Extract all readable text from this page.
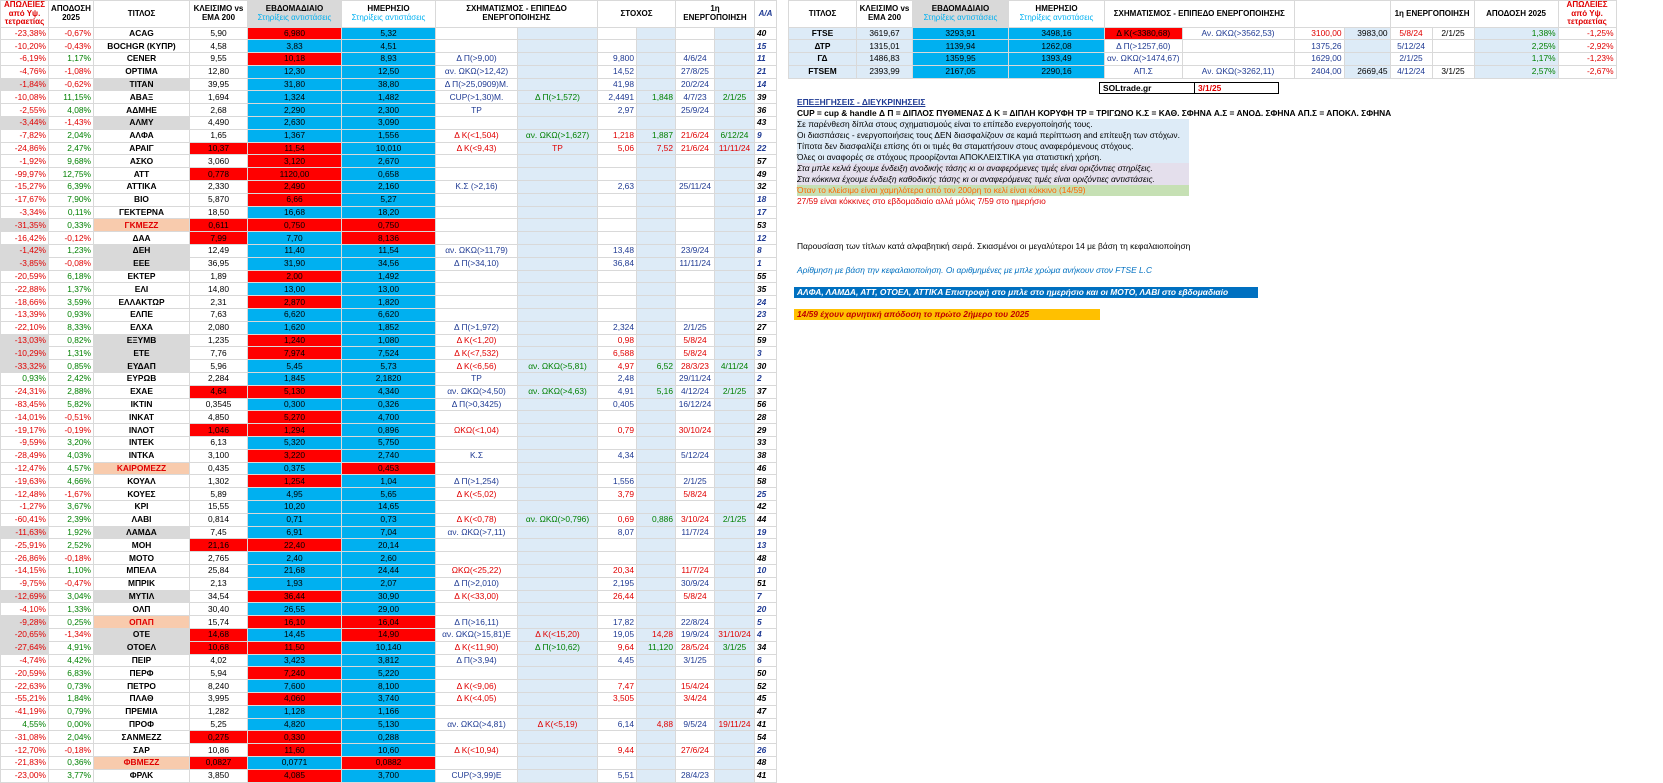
ΑΠΩΛΕΙΕΣ από Υψ. τετραετίας	ΑΠΟΔΟΣΗ 2025	ΤΙΤΛΟΣ	ΚΛΕΙΣΙΜΟ vs EMA 200	ΕΒΔΟΜΑΔΙΑΙΟ
Στηρίξεις αντιστάσεις	ΗΜΕΡΗΣΙΟ
Στηρίξεις αντιστάσεις	ΣΧΗΜΑΤΙΣΜΟΣ - ΕΠΙΠΕΔΟ ΕΝΕΡΓΟΠΟΙΗΣΗΣ		ΣΤΟΧΟΣ		1η ΕΝΕΡΓΟΠΟΙΗΣΗ		Α/Α
-23,38%	-0,67%	ACAG	5,90	6,980	5,32							40
-10,20%	-0,43%	BOCHGR (ΚΥΠΡ)	4,58	3,83	4,51							15
-6,19%	1,17%	CENER	9,55	10,18	8,93	Δ Π(>9,00)		9,800		4/6/24		11
-4,76%	-1,08%	OPTIMA	12,80	12,30	12,50	αν. ΩΚΩ(>12,42)		14,52		27/8/25		21
-1,84%	-0,62%	TITAN	39,95	31,80	38,80	Δ Π(>25,0909)Μ.		41,98		20/2/24		14
-10,08%	11,15%	ΑΒΑΞ	1,694	1,324	1,482	CUP(>1,30)Μ.	Δ Π(>1,572)	2,4491	1,848	4/7/23	2/1/25	39
-2,55%	4,08%	ΑΔΜΗΕ	2,68	2,290	2,300	TP		2,97		25/9/24		36
-3,44%	-1,43%	ΑΛΜΥ	4,490	2,630	3,090							43
-7,82%	2,04%	ΑΛΦΑ	1,65	1,367	1,556	Δ Κ(<1,504)	αν. ΩΚΩ(>1,627)	1,218	1,887	21/6/24	6/12/24	9
-24,86%	2,47%	ΑΡΑΙΓ	10,37	11,54	10,010	Δ Κ(<9,43)	TP	5,06	7,52	21/6/24	11/11/24	22
-1,92%	9,68%	ΑΣΚΟ	3,060	3,120	2,670							57
-99,97%	12,75%	ΑΤΤ	0,778	1120,00	0,658							49
-15,27%	6,39%	ΑΤΤΙΚΑ	2,330	2,490	2,160	Κ.Σ (>2,16)		2,63		25/11/24		32
-17,67%	7,90%	ΒΙΟ	5,870	6,66	5,27							18
-3,34%	0,11%	ΓΕΚΤΕΡΝΑ	18,50	16,68	18,20							17
-31,35%	0,33%	ΓΚΜΕΖΖ	0,611	0,750	0,750							53
-16,42%	-0,12%	ΔΑΑ	7,99	7,70	8,136							12
-1,42%	1,23%	ΔΕΗ	12,49	11,40	11,54	αν. ΩΚΩ(>11,79)		13,48		23/9/24		8
-3,85%	-0,08%	ΕΕΕ	36,95	31,90	34,56	Δ Π(>34,10)		36,84		11/11/24		1
-20,59%	6,18%	ΕΚΤΕΡ	1,89	2,00	1,492							55
-22,88%	1,37%	ΕΛΙ	14,80	13,00	13,00							35
-18,66%	3,59%	ΕΛΛΑΚΤΩΡ	2,31	2,870	1,820							24
-13,39%	0,93%	ΕΛΠΕ	7,63	6,620	6,620							23
-22,10%	8,33%	ΕΛΧΑ	2,080	1,620	1,852	Δ Π(>1,972)		2,324		2/1/25		27
-13,03%	0,82%	ΕΞΥΜΒ	1,235	1,240	1,080	Δ Κ(<1,20)		0,98		5/8/24		59
-10,29%	1,31%	ΕΤΕ	7,76	7,974	7,524	Δ Κ(<7,532)		6,588		5/8/24		3
-33,32%	0,85%	ΕΥΔΑΠ	5,96	5,45	5,73	Δ Κ(<6,56)	αν. ΩΚΩ(>5,81)	4,97	6,52	28/3/23	4/11/24	30
0,93%	2,42%	ΕΥΡΩΒ	2,284	1,845	2,1820	TP		2,48		29/11/24		2
-24,31%	2,88%	ΕΧΑΕ	4,64	5,130	4,340	αν. ΩΚΩ(>4,50)	αν. ΩΚΩ(>4,63)	4,91	5,16	4/12/24	2/1/25	37
-83,45%	5,82%	ΙΚΤΙΝ	0,3545	0,300	0,326	Δ Π(>0,3425)		0,405		16/12/24		56
-14,01%	-0,51%	ΙΝΚΑΤ	4,850	5,270	4,700							28
-19,17%	-0,19%	ΙΝΛΟΤ	1,046	1,294	0,896	ΩΚΩ(<1,04)		0,79		30/10/24		29
-9,59%	3,20%	ΙΝΤΕΚ	6,13	5,320	5,750							33
-28,49%	4,03%	ΙΝΤΚΑ	3,100	3,220	2,740	Κ.Σ		4,34		5/12/24		38
-12,47%	4,57%	ΚΑΙΡΟΜΕΖΖ	0,435	0,375	0,453							46
-19,63%	4,66%	ΚΟΥΑΛ	1,302	1,254	1,04	Δ Π(>1,254)		1,556		2/1/25		58
-12,48%	-1,67%	ΚΟΥΕΣ	5,89	4,95	5,65	Δ Κ(<5,02)		3,79		5/8/24		25
-1,27%	3,67%	ΚΡΙ	15,55	10,20	14,65							42
-60,41%	2,39%	ΛΑΒΙ	0,814	0,71	0,73	Δ Κ(<0,78)	αν. ΩΚΩ(>0,796)	0,69	0,886	3/10/24	2/1/25	44
-11,63%	1,92%	ΛΑΜΔΑ	7,45	6,91	7,04	αν. ΩΚΩ(>7,11)		8,07		11/7/24		19
-25,91%	2,52%	ΜΟΗ	21,16	22,40	20,14							13
-26,86%	-0,18%	ΜΟΤΟ	2,765	2,40	2,60							48
-14,15%	1,10%	ΜΠΕΛΑ	25,84	21,68	24,44	ΩΚΩ(<25,22)		20,34		11/7/24		10
-9,75%	-0,47%	ΜΠΡΙΚ	2,13	1,93	2,07	Δ Π(>2,010)		2,195		30/9/24		51
-12,69%	3,04%	ΜΥΤΙΛ	34,54	36,44	30,90	Δ Κ(<33,00)		26,44		5/8/24		7
-4,10%	1,33%	ΟΛΠ	30,40	26,55	29,00							20
-9,28%	0,25%	ΟΠΑΠ	15,74	16,10	16,04	Δ Π(>16,11)		17,82		22/8/24		5
-20,65%	-1,34%	ΟΤΕ	14,68	14,45	14,90	αν. ΩΚΩ(>15,81)Ε	Δ Κ(<15,20)	19,05	14,28	19/9/24	31/10/24	4
-27,64%	4,91%	ΟΤΟΕΛ	10,68	11,50	10,140	Δ Κ(<11,90)	Δ Π(>10,62)	9,64	11,120	28/5/24	3/1/25	34
-4,74%	4,42%	ΠΕΙΡ	4,02	3,423	3,812	Δ Π(>3,94)		4,45		3/1/25		6
-20,59%	6,83%	ΠΕΡΦ	5,94	7,240	5,220							50
-22,63%	0,73%	ΠΕΤΡΟ	8,240	7,600	8,100	Δ Κ(<9,06)		7,47		15/4/24		52
-55,21%	1,84%	ΠΛΑΘ	3,995	4,060	3,740	Δ Κ(<4,05)		3,505		3/4/24		45
-41,19%	0,79%	ΠΡΕΜΙΑ	1,282	1,128	1,166							47
4,55%	0,00%	ΠΡΟΦ	5,25	4,820	5,130	αν. ΩΚΩ(>4,81)	Δ Κ(<5,19)	6,14	4,88	9/5/24	19/11/24	41
-31,08%	2,04%	ΣΑΝΜΕΖΖ	0,275	0,330	0,288							54
-12,70%	-0,18%	ΣΑΡ	10,86	11,60	10,60	Δ Κ(<10,94)		9,44		27/6/24		26
-21,83%	0,36%	ΦΒΜΕΖΖ	0,0827	0,0771	0,0882							48
-23,00%	3,77%	ΦΡΛΚ	3,850	4,085	3,700	CUP(>3,99)Ε		5,51		28/4/23		41
ΤΙΤΛΟΣ	ΚΛΕΙΣΙΜΟ vs EMA 200	ΕΒΔΟΜΑΔΙΑΙΟ
Στηρίξεις αντιστάσεις	ΗΜΕΡΗΣΙΟ
Στηρίξεις αντιστάσεις	ΣΧΗΜΑΤΙΣΜΟΣ - ΕΠΙΠΕΔΟ ΕΝΕΡΓΟΠΟΙΗΣΗΣ				1η ΕΝΕΡΓΟΠΟΙΗΣΗ		ΑΠΟΔΟΣΗ 2025	ΑΠΩΛΕΙΕΣ από Υψ. τετραετίας
FTSE	3619,67	3293,91	3498,16	Δ Κ(<3380,68)	Αν. ΩΚΩ(>3562,53)	3100,00	3983,00	5/8/24	2/1/25	1,38%	-1,25%
ΔΤΡ	1315,01	1139,94	1262,08	Δ Π(>1257,60)		1375,26		5/12/24		2,25%	-2,92%
ΓΔ	1486,83	1359,95	1393,49	αν. ΩΚΩ(>1474,67)		1629,00		2/1/25		1,17%	-1,23%
FTSEM	2393,99	2167,05	2290,16	ΑΠ.Σ	Αν. ΩΚΩ(>3262,11)	2404,00	2669,45	4/12/24	3/1/25	2,57%	-2,67%
SOLtrade.gr	3/1/25
ΕΠΕΞΗΓΗΣΕΙΣ - ΔΙΕΥΚΡΙΝΗΣΕΙΣ
CUP = cup & handle Δ Π = ΔΙΠΛΟΣ ΠΥΘΜΕΝΑΣ Δ Κ = ΔΙΠΛΗ ΚΟΡΥΦΗ TP = ΤΡΙΓΩΝΟ Κ.Σ = ΚΑΘ. ΣΦΗΝΑ Α.Σ = ΑΝΟΔ. ΣΦΗΝΑ ΑΠ.Σ = ΑΠΟΚΛ. ΣΦΗΝΑ
Σε παρένθεση δίπλα στους σχηματισμούς είναι το επίπεδο ενεργοποίησής τους.
Οι διασπάσεις - ενεργοποιήσεις τους ΔΕΝ διασφαλίζουν σε καμιά περίπτωση and επίτευξη των στόχων.
Τίποτα δεν διασφαλίζει επίσης ότι οι τιμές θα σταματήσουν στους αναφερόμενους στόχους.
Όλες οι αναφορές σε στόχους προορίζονται ΑΠΟΚΛΕΙΣΤΙΚΑ για στατιστική χρήση.
Στα μπλε κελιά έχουμε ένδειξη ανοδικής τάσης κι οι αναφερόμενες τιμές είναι οριζόντιες στηρίξεις.
Στα κόκκινα έχουμε ένδειξη καθοδικής τάσης κι οι αναφερόμενες τιμές είναι οριζόντιες αντιστάσεις.
Όταν το κλείσιμο είναι χαμηλότερα από τον 200ρη το κελί είναι κόκκινο (14/59)
27/59 είναι κόκκινες στο εβδομαδιαίο αλλά μόλις 7/59 στο ημερήσιο
Παρουσίαση των τίτλων κατά αλφαβητική σειρά. Σκιασμένοι οι μεγαλύτεροι 14 με βάση τη κεφαλαιοποίηση
Αρίθμηση με βάση την κεφαλαιοποίηση. Οι αριθμημένες με μπλε χρώμα ανήκουν στον FTSE L.C
ΑΛΦΑ, ΛΑΜΔΑ, ΑΤΤ, ΟΤΟΕΛ, ΑΤΤΙΚΑ Επιστροφή στο μπλε στο ημερήσιο και οι ΜΟΤΟ, ΛΑΒΙ στο εβδομαδιαίο
14/59 έχουν αρνητική απόδοση το πρώτο 2ήμερο του 2025
